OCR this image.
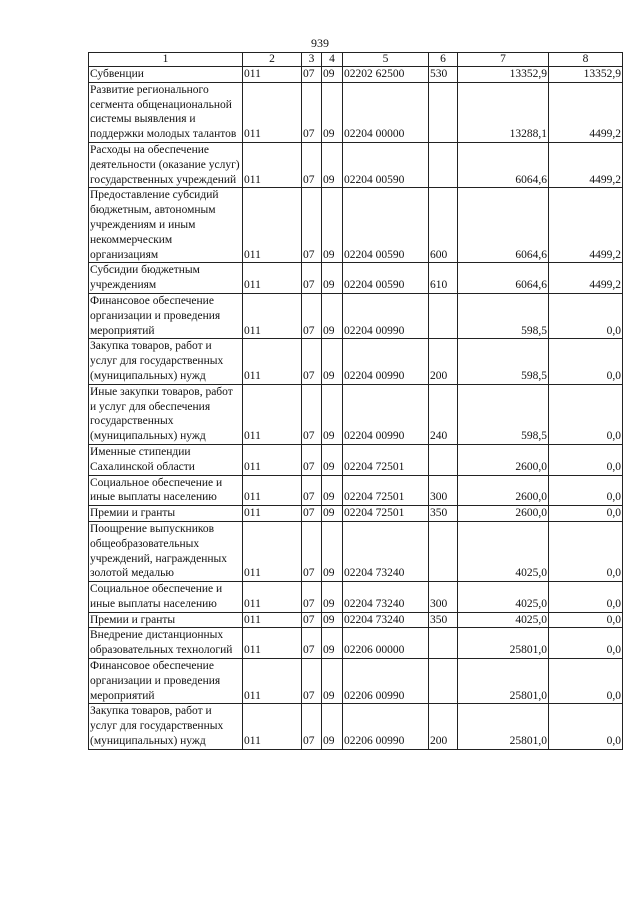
939
1	2	3	4	5	6	7	8
Субвенции	011	07	09	02202 62500	530	13352,9	13352,9
Развитие регионального сегмента общенациональной системы выявления и поддержки молодых талантов	011	07	09	02204 00000		13288,1	4499,2
Расходы на обеспечение деятельности (оказание услуг) государственных учреждений	011	07	09	02204 00590		6064,6	4499,2
Предоставление субсидий бюджетным, автономным учреждениям и иным некоммерческим организациям	011	07	09	02204 00590	600	6064,6	4499,2
Субсидии бюджетным учреждениям	011	07	09	02204 00590	610	6064,6	4499,2
Финансовое обеспечение организации и проведения мероприятий	011	07	09	02204 00990		598,5	0,0
Закупка товаров, работ и услуг для государственных (муниципальных) нужд	011	07	09	02204 00990	200	598,5	0,0
Иные закупки товаров, работ и услуг для обеспечения государственных (муниципальных) нужд	011	07	09	02204 00990	240	598,5	0,0
Именные стипендии Сахалинской области	011	07	09	02204 72501		2600,0	0,0
Социальное обеспечение и иные выплаты населению	011	07	09	02204 72501	300	2600,0	0,0
Премии и гранты	011	07	09	02204 72501	350	2600,0	0,0
Поощрение выпускников общеобразовательных учреждений, награжденных золотой медалью	011	07	09	02204 73240		4025,0	0,0
Социальное обеспечение и иные выплаты населению	011	07	09	02204 73240	300	4025,0	0,0
Премии и гранты	011	07	09	02204 73240	350	4025,0	0,0
Внедрение дистанционных образовательных технологий	011	07	09	02206 00000		25801,0	0,0
Финансовое обеспечение организации и проведения мероприятий	011	07	09	02206 00990		25801,0	0,0
Закупка товаров, работ и услуг для государственных (муниципальных) нужд	011	07	09	02206 00990	200	25801,0	0,0
